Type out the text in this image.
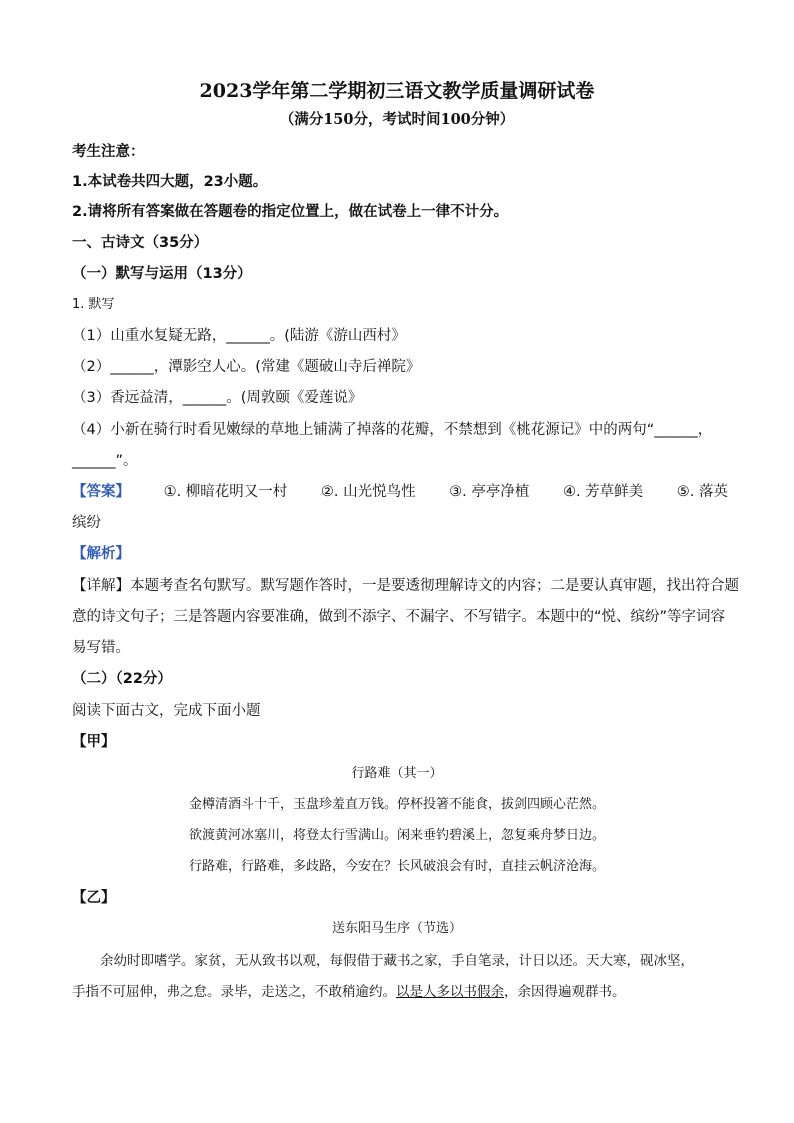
2023学年第二学期初三语文教学质量调研试卷
（满分150分，考试时间100分钟）
考生注意：
1.本试卷共四大题，23小题。
2.请将所有答案做在答题卷的指定位置上，做在试卷上一律不计分。
一、古诗文（35分）
（一）默写与运用（13分）
1. 默写
（1）山重水复疑无路，______。(陆游《游山西村》
（2）______，潭影空人心。(常建《题破山寺后禅院》
（3）香远益清，______。(周敦颐《爱莲说》
（4）小新在骑行时看见嫩绿的草地上铺满了掉落的花瓣，不禁想到《桃花源记》中的两句“______，
______”。
【答案】 ①. 柳暗花明又一村 ②. 山光悦鸟性 ③. 亭亭净植 ④. 芳草鲜美 ⑤. 落英
缤纷
【解析】
【详解】本题考查名句默写。默写题作答时，一是要透彻理解诗文的内容；二是要认真审题，找出符合题
意的诗文句子；三是答题内容要准确，做到不添字、不漏字、不写错字。本题中的“悦、缤纷”等字词容
易写错。
（二）（22分）
阅读下面古文，完成下面小题
【甲】
行路难（其一）
金樽清酒斗十千，玉盘珍羞直万钱。停杯投箸不能食，拔剑四顾心茫然。
欲渡黄河冰塞川，将登太行雪满山。闲来垂钓碧溪上，忽复乘舟梦日边。
行路难，行路难，多歧路，今安在？长风破浪会有时，直挂云帆济沧海。
【乙】
送东阳马生序（节选）
余幼时即嗜学。家贫，无从致书以观，每假借于藏书之家，手自笔录，计日以还。天大寒，砚冰坚，
手指不可屈伸，弗之怠。录毕，走送之，不敢稍逾约。以是人多以书假余，余因得遍观群书。
